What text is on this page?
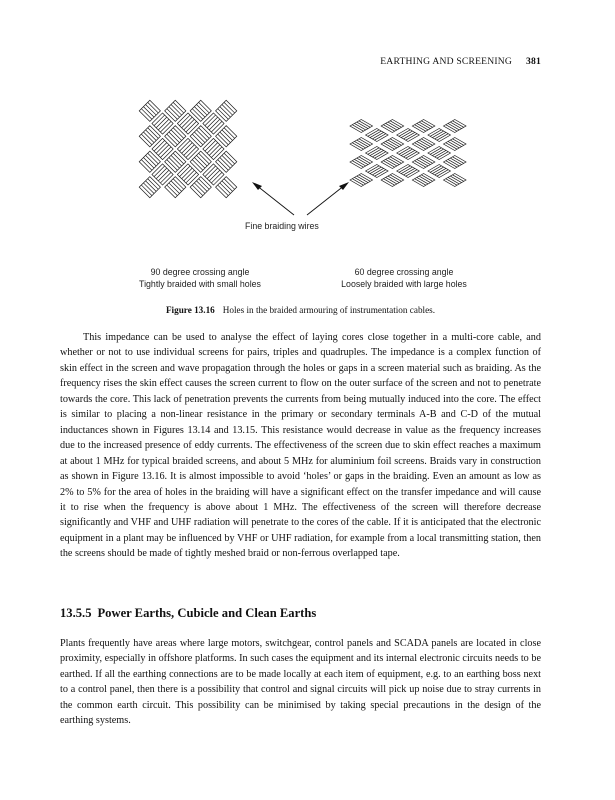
EARTHING AND SCREENING 381
Fine braiding wires
90 degree crossing angle
Tightly braided with small holes
60 degree crossing angle
Loosely braided with large holes
Figure 13.16 Holes in the braided armouring of instrumentation cables.

This impedance can be used to analyse the effect of laying cores close together in a multi-core cable, and whether or not to use individual screens for pairs, triples and quadruples. The impedance is a complex function of skin effect in the screen and wave propagation through the holes or gaps in a screen material such as braiding. As the frequency rises the skin effect causes the screen current to flow on the outer surface of the screen and not to penetrate towards the core. This lack of penetration prevents the currents from being mutually induced into the core. The effect is similar to placing a non-linear resistance in the primary or secondary terminals A-B and C-D of the mutual inductances shown in Figures 13.14 and 13.15. This resistance would decrease in value as the frequency increases due to the increased presence of eddy currents. The effectiveness of the screen due to skin effect reaches a maximum at about 1 MHz for typical braided screens, and about 5 MHz for aluminium foil screens. Braids vary in construction as shown in Figure 13.16. It is almost impossible to avoid ‘holes’ or gaps in the braiding. Even an amount as low as 2% to 5% for the area of holes in the braiding will have a significant effect on the transfer impedance and will cause it to rise when the frequency is above about 1 MHz. The effectiveness of the screen will therefore decrease significantly and VHF and UHF radiation will penetrate to the cores of the cable. If it is anticipated that the electronic equipment in a plant may be influenced by VHF or UHF radiation, for example from a local transmitting station, then the screens should be made of tightly meshed braid or non-ferrous overlapped tape.

13.5.5 Power Earths, Cubicle and Clean Earths

Plants frequently have areas where large motors, switchgear, control panels and SCADA panels are located in close proximity, especially in offshore platforms. In such cases the equipment and its internal electronic circuits needs to be earthed. If all the earthing connections are to be made locally at each item of equipment, e.g. to an earthing boss next to a control panel, then there is a possibility that control and signal circuits will pick up noise due to stray currents in the common earth circuit. This possibility can be minimised by taking special precautions in the design of the earthing systems.
